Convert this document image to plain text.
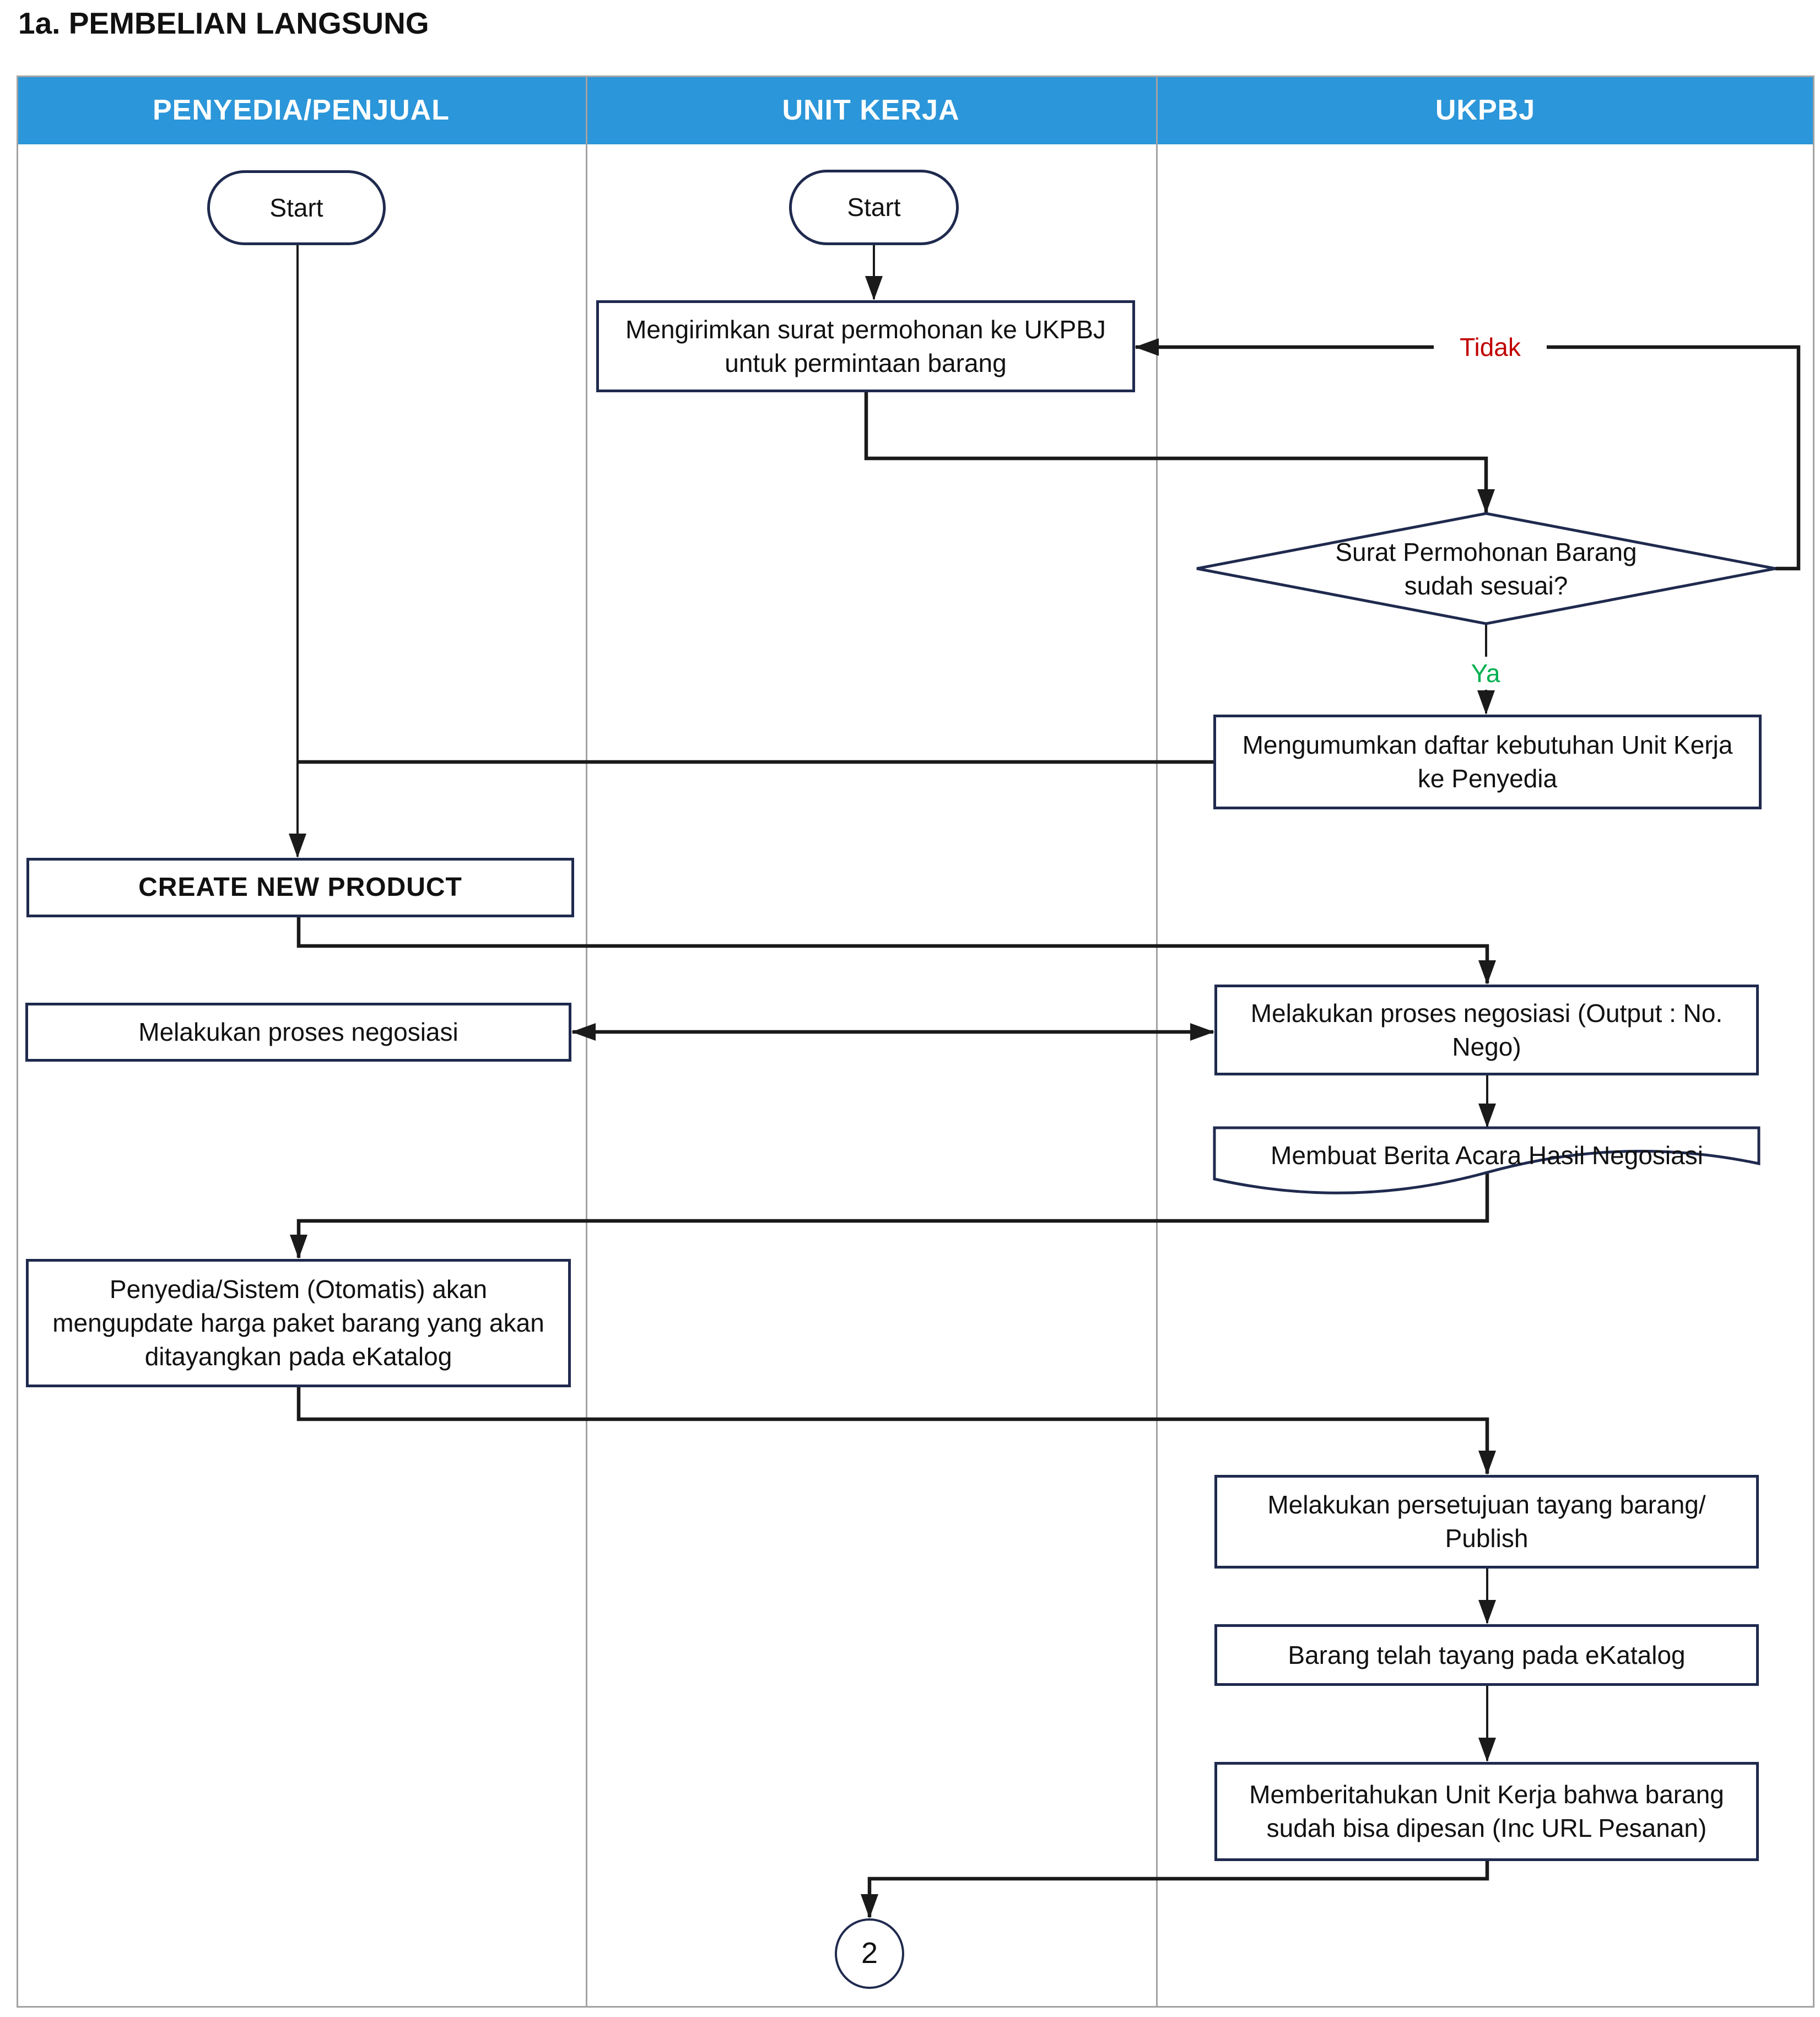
1a. PEMBELIAN LANGSUNG
PENYEDIA/PENJUAL	UNIT KERJA	UKPBJ
Start	Start
Mengirimkan surat permohonan ke UKPBJ untuk permintaan barang
Surat Permohonan Barang sudah sesuai?
Mengumumkan daftar kebutuhan Unit Kerja ke Penyedia
CREATE NEW PRODUCT
Melakukan proses negosiasi
Melakukan proses negosiasi (Output : No. Nego)
Membuat Berita Acara Hasil Negosiasi
Penyedia/Sistem (Otomatis) akan mengupdate harga paket barang yang akan ditayangkan pada eKatalog
Melakukan persetujuan tayang barang/ Publish
Barang telah tayang pada eKatalog
Memberitahukan Unit Kerja bahwa barang sudah bisa dipesan (Inc URL Pesanan)
2
Tidak
Ya
